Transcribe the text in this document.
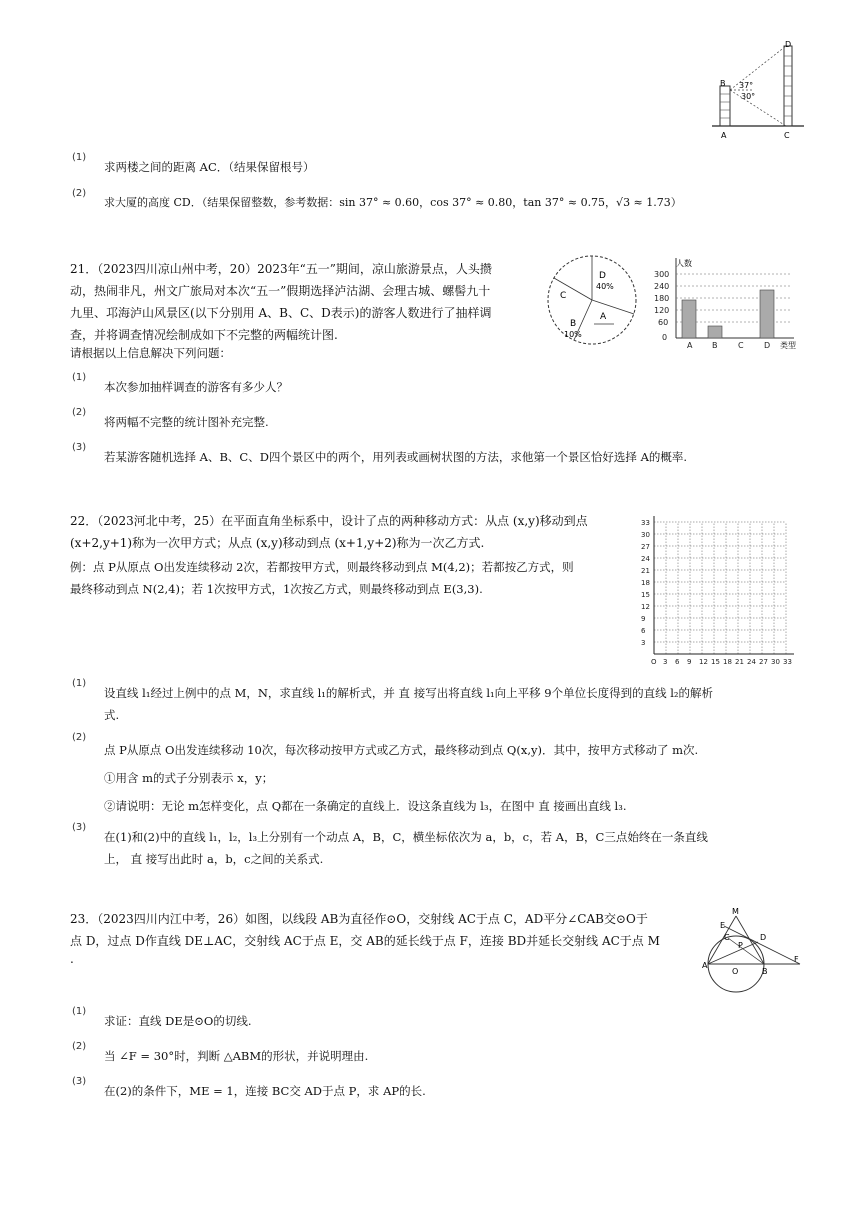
D
B 37°
30°
A	C
(1)
求两楼之间的距离 AC．（结果保留根号）
(2)
求大厦的高度 CD．（结果保留整数，参考数据：sin 37° ≈ 0.60，cos 37° ≈ 0.80，tan 37° ≈ 0.75，√3 ≈ 1.73）
21．（2023四川凉山州中考，20）2023年“五一”期间，凉山旅游景点，人头攒
动，热闹非凡，州文广旅局对本次“五一”假期选择泸沽湖、会理古城、螺髻九十
九里、邛海泸山风景区(以下分别用 A、B、C、D表示)的游客人数进行了抽样调
查，并将调查情况绘制成如下不完整的两幅统计图.
请根据以上信息解决下列问题：
D
40%
C
B
10%
A
人数
类型
300
240
180
120
60
0
A B	C	D
(1)
本次参加抽样调查的游客有多少人？
(2)
将两幅不完整的统计图补充完整.
(3)
若某游客随机选择 A、B、C、D四个景区中的两个，用列表或画树状图的方法，求他第一个景区恰好选择 A的概率.
22．（2023河北中考，25）在平面直角坐标系中，设计了点的两种移动方式：从点 (x,y)移动到点
(x+2,y+1)称为一次甲方式；从点 (x,y)移动到点 (x+1,y+2)称为一次乙方式.
例：点 P从原点 O出发连续移动 2次，若都按甲方式，则最终移动到点 M(4,2)；若都按乙方式，则
最终移动到点 N(2,4)；若 1次按甲方式，1次按乙方式，则最终移动到点 E(3,3).
33
30
27
24
21
18
15
12
9
6
3
O 3 6 9 12 15 18 21 24 27 30 33
(1)
设直线 l₁经过上例中的点 M，N，求直线 l₁的解析式，并 直 接写出将直线 l₁向上平移 9个单位长度得到的直线 l₂的解析
式.
(2)
点 P从原点 O出发连续移动 10次，每次移动按甲方式或乙方式，最终移动到点 Q(x,y)．其中，按甲方式移动了 m次.
①用含 m的式子分别表示 x，y；
②请说明：无论 m怎样变化，点 Q都在一条确定的直线上．设这条直线为 l₃，在图中 直 接画出直线 l₃.
(3)
在(1)和(2)中的直线 l₁，l₂，l₃上分别有一个动点 A，B，C，横坐标依次为 a，b，c，若 A，B，C三点始终在一条直线
上， 直 接写出此时 a，b，c之间的关系式.
23．（2023四川内江中考，26）如图，以线段 AB为直径作⊙O，交射线 AC于点 C，AD平分∠CAB交⊙O于
点 D，过点 D作直线 DE⊥AC，交射线 AC于点 E，交 AB的延长线于点 F，连接 BD并延长交射线 AC于点 M
.
M
E
C	D
P
A
O	B
F
(1)
求证：直线 DE是⊙O的切线.
(2)
当 ∠F = 30°时，判断 △ABM的形状，并说明理由.
(3)
在(2)的条件下，ME = 1，连接 BC交 AD于点 P，求 AP的长.
